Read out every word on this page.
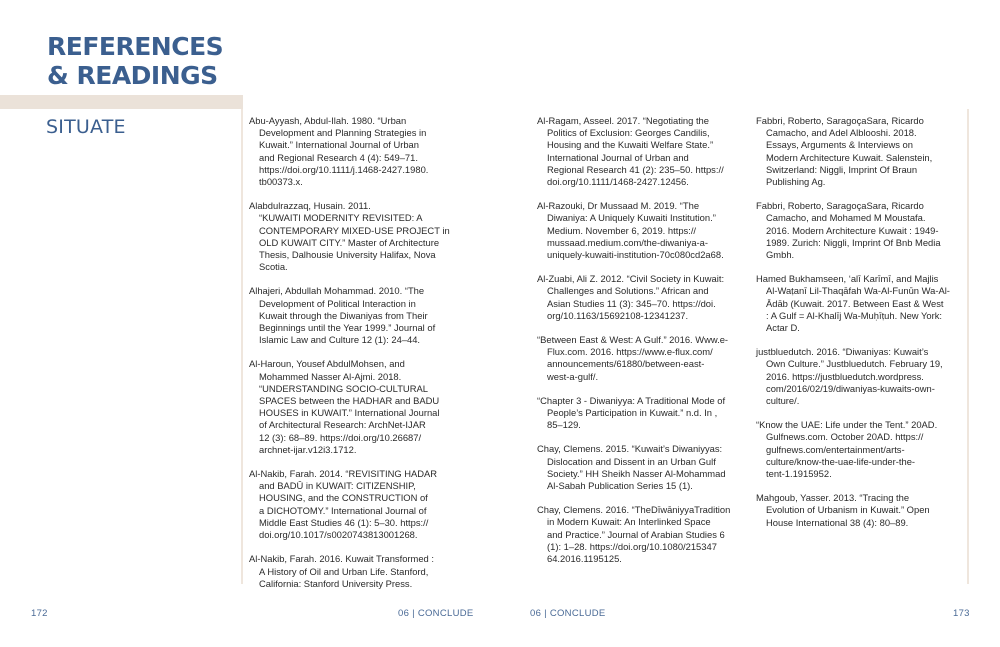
REFERENCES
& READINGS
SITUATE	Abu-Ayyash, Abdul-Ilah. 1980. “Urban
Development and Planning Strategies in
Kuwait.” International Journal of Urban
and Regional Research 4 (4): 549–71.
https://doi.org/10.1111/j.1468-2427.1980.
tb00373.x.

Alabdulrazzaq, Husain. 2011.
“KUWAITI MODERNITY REVISITED: A
CONTEMPORARY MIXED-USE PROJECT in
OLD KUWAIT CITY.” Master of Architecture
Thesis, Dalhousie University Halifax, Nova
Scotia.

Alhajeri, Abdullah Mohammad. 2010. “The
Development of Political Interaction in
Kuwait through the Diwaniyas from Their
Beginnings until the Year 1999.” Journal of
Islamic Law and Culture 12 (1): 24–44.

Al-Haroun, Yousef AbdulMohsen, and
Mohammed Nasser Al-Ajmi. 2018.
“UNDERSTANDING SOCIO-CULTURAL
SPACES between the HADHAR and BADU
HOUSES in KUWAIT.” International Journal
of Architectural Research: ArchNet-IJAR
12 (3): 68–89. https://doi.org/10.26687/
archnet-ijar.v12i3.1712.

Al-Nakib, Farah. 2014. “REVISITING HADAR
and BADŪ in KUWAIT: CITIZENSHIP,
HOUSING, and the CONSTRUCTION of
a DICHOTOMY.” International Journal of
Middle East Studies 46 (1): 5–30. https://
doi.org/10.1017/s0020743813001268.

Al-Nakib, Farah. 2016. Kuwait Transformed :
A History of Oil and Urban Life. Stanford,
California: Stanford University Press.

Al-Ragam, Asseel. 2017. “Negotiating the
Politics of Exclusion: Georges Candilis,
Housing and the Kuwaiti Welfare State.”
International Journal of Urban and
Regional Research 41 (2): 235–50. https://
doi.org/10.1111/1468-2427.12456.

Al-Razouki, Dr Mussaad M. 2019. “The
Diwaniya: A Uniquely Kuwaiti Institution.”
Medium. November 6, 2019. https://
mussaad.medium.com/the-diwaniya-a-
uniquely-kuwaiti-institution-70c080cd2a68.

Al-Zuabi, Ali Z. 2012. “Civil Society in Kuwait:
Challenges and Solutions.” African and
Asian Studies 11 (3): 345–70. https://doi.
org/10.1163/15692108-12341237.

“Between East & West: A Gulf.” 2016. Www.e-
Flux.com. 2016. https://www.e-flux.com/
announcements/61880/between-east-
west-a-gulf/.

“Chapter 3 - Diwaniyya: A Traditional Mode of
People’s Participation in Kuwait.” n.d. In ,
85–129.

Chay, Clemens. 2015. “Kuwait’s Diwaniyyas:
Dislocation and Dissent in an Urban Gulf
Society.” HH Sheikh Nasser Al-Mohammad
Al-Sabah Publication Series 15 (1).

Chay, Clemens. 2016. “TheDīwāniyyaTradition
in Modern Kuwait: An Interlinked Space
and Practice.” Journal of Arabian Studies 6
(1): 1–28. https://doi.org/10.1080/215347
64.2016.1195125.

Fabbri, Roberto, SaragoçaSara, Ricardo
Camacho, and Adel Alblooshi. 2018.
Essays, Arguments & Interviews on
Modern Architecture Kuwait. Salenstein,
Switzerland: Niggli, Imprint Of Braun
Publishing Ag.

Fabbri, Roberto, SaragoçaSara, Ricardo
Camacho, and Mohamed M Moustafa.
2016. Modern Architecture Kuwait : 1949-
1989. Zurich: Niggli, Imprint Of Bnb Media
Gmbh.

Hamed Bukhamseen, ʻalī Karīmī, and Majlis
Al-Waṭanī Lil-Thaqāfah Wa-Al-Funūn Wa-Al-
Ādāb (Kuwait. 2017. Between East & West
: A Gulf = Al-Khalīj Wa-Muḥīṭuh. New York:
Actar D.

justbluedutch. 2016. “Diwaniyas: Kuwait’s
Own Culture.” Justbluedutch. February 19,
2016. https://justbluedutch.wordpress.
com/2016/02/19/diwaniyas-kuwaits-own-
culture/.

“Know the UAE: Life under the Tent.” 20AD.
Gulfnews.com. October 20AD. https://
gulfnews.com/entertainment/arts-
culture/know-the-uae-life-under-the-
tent-1.1915952.

Mahgoub, Yasser. 2013. “Tracing the
Evolution of Urbanism in Kuwait.” Open
House International 38 (4): 80–89.

172	06 | CONCLUDE	06 | CONCLUDE	173
